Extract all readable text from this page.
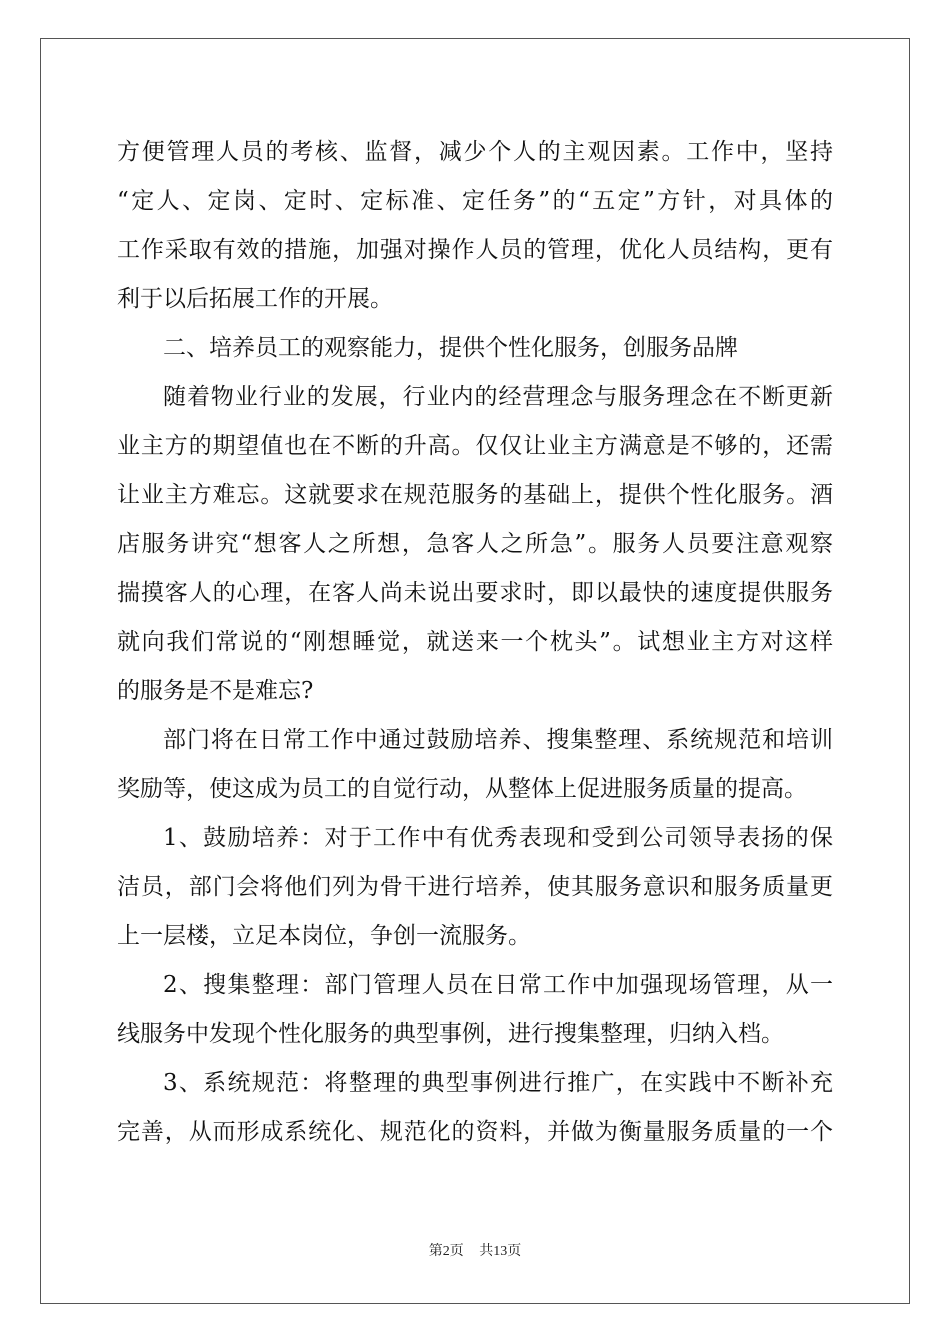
方便管理人员的考核、监督，减少个人的主观因素。工作中，坚持
“定人、定岗、定时、定标准、定任务”的“五定”方针，对具体的
工作采取有效的措施，加强对操作人员的管理，优化人员结构，更有
利于以后拓展工作的开展。
二、培养员工的观察能力，提供个性化服务，创服务品牌
随着物业行业的发展，行业内的经营理念与服务理念在不断更新
业主方的期望值也在不断的升高。仅仅让业主方满意是不够的，还需
让业主方难忘。这就要求在规范服务的基础上，提供个性化服务。酒
店服务讲究“想客人之所想，急客人之所急”。服务人员要注意观察
揣摸客人的心理，在客人尚未说出要求时，即以最快的速度提供服务
就向我们常说的“刚想睡觉，就送来一个枕头”。试想业主方对这样
的服务是不是难忘?
部门将在日常工作中通过鼓励培养、搜集整理、系统规范和培训
奖励等，使这成为员工的自觉行动，从整体上促进服务质量的提高。
1、鼓励培养：对于工作中有优秀表现和受到公司领导表扬的保
洁员，部门会将他们列为骨干进行培养，使其服务意识和服务质量更
上一层楼，立足本岗位，争创一流服务。
2、搜集整理：部门管理人员在日常工作中加强现场管理，从一
线服务中发现个性化服务的典型事例，进行搜集整理，归纳入档。
3、系统规范：将整理的典型事例进行推广，在实践中不断补充
完善，从而形成系统化、规范化的资料，并做为衡量服务质量的一个
第2页 共13页
